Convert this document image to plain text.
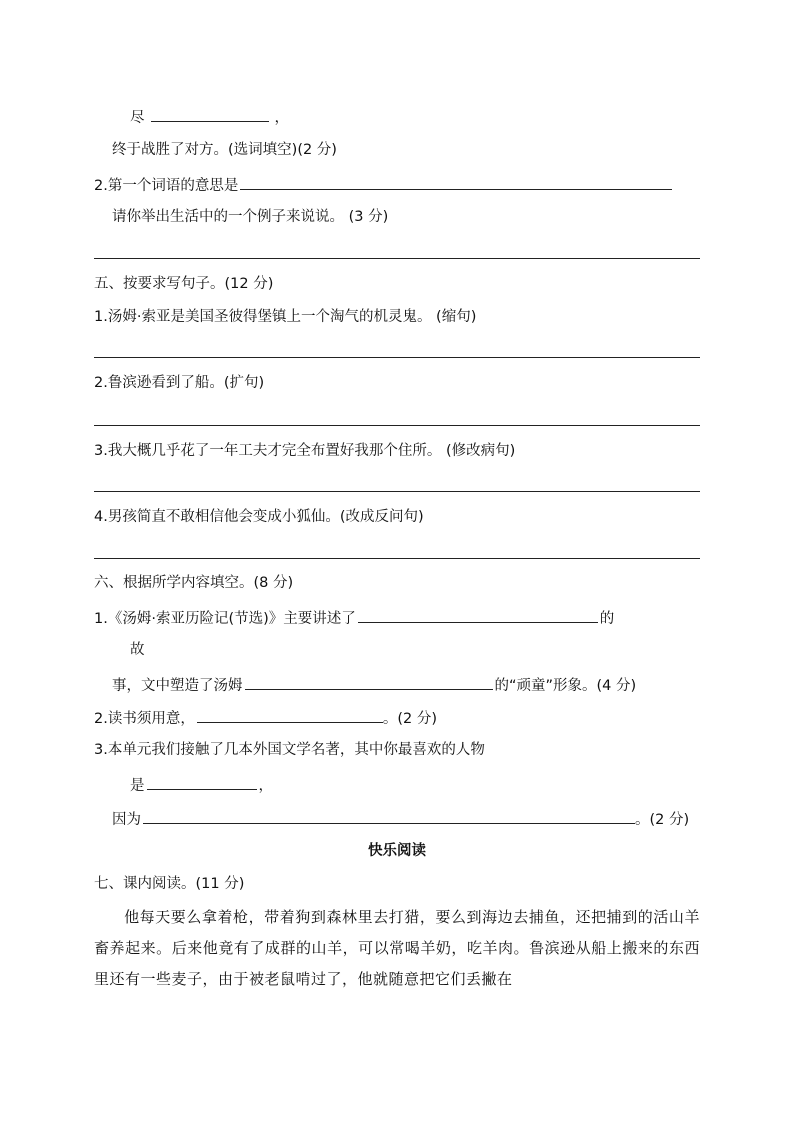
尽	，
终于战胜了对方。(选词填空)(2 分)
2.第一个词语的意思是
请你举出生活中的一个例子来说说。 (3 分)
五、按要求写句子。(12 分)
1.汤姆·索亚是美国圣彼得堡镇上一个淘气的机灵鬼。 (缩句)
2.鲁滨逊看到了船。(扩句)
3.我大概几乎花了一年工夫才完全布置好我那个住所。 (修改病句)
4.男孩简直不敢相信他会变成小狐仙。(改成反问句)
六、根据所学内容填空。(8 分)
1.《汤姆·索亚历险记(节选)》主要讲述了	的
故
事，文中塑造了汤姆	的“顽童”形象。(4 分)
2.读书须用意，	。(2 分)
3.本单元我们接触了几本外国文学名著，其中你最喜欢的人物
是	，
因为	。(2 分)
快乐阅读
七、课内阅读。(11 分)
他每天要么拿着枪，带着狗到森林里去打猎，要么到海边去捕鱼，还把捕到的活山羊畜养起来。后来他竟有了成群的山羊，可以常喝羊奶，吃羊肉。鲁滨逊从船上搬来的东西里还有一些麦子，由于被老鼠啃过了，他就随意把它们丢撇在
